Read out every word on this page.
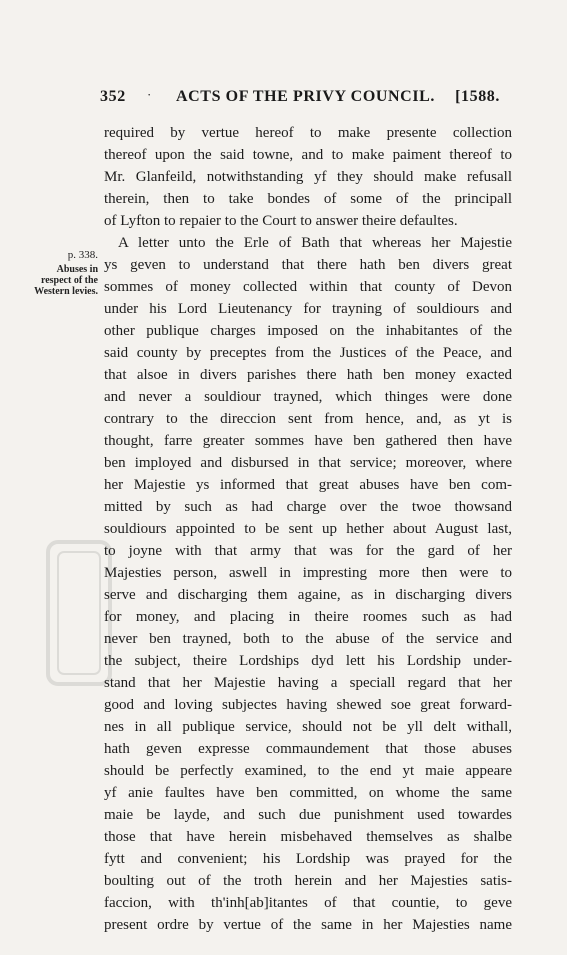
352 · ACTS OF THE PRIVY COUNCIL. [1588.
p. 338.
Abuses in
respect of the
Western levies.
required by vertue hereof to make presente collection
thereof upon the said towne, and to make paiment thereof to
Mr. Glanfeild, notwithstanding yf they should make refusall
therein, then to take bondes of some of the principall
of Lyfton to repaier to the Court to answer theire defaultes.
A letter unto the Erle of Bath that whereas her Majestie
ys geven to understand that there hath ben divers great
sommes of money collected within that county of Devon
under his Lord Lieutenancy for trayning of souldiours and
other publique charges imposed on the inhabitantes of the
said county by preceptes from the Justices of the Peace, and
that alsoe in divers parishes there hath ben money exacted
and never a souldiour trayned, which thinges were done
contrary to the direccion sent from hence, and, as yt is
thought, farre greater sommes have ben gathered then have
ben imployed and disbursed in that service; moreover, where
her Majestie ys informed that great abuses have ben com-
mitted by such as had charge over the twoe thowsand
souldiours appointed to be sent up hether about August last,
to joyne with that army that was for the gard of her
Majesties person, aswell in impresting more then were to
serve and discharging them againe, as in discharging divers
for money, and placing in theire roomes such as had
never ben trayned, both to the abuse of the service and
the subject, theire Lordships dyd lett his Lordship under-
stand that her Majestie having a speciall regard that her
good and loving subjectes having shewed soe great forward-
nes in all publique service, should not be yll delt withall,
hath geven expresse commaundement that those abuses
should be perfectly examined, to the end yt maie appeare
yf anie faultes have ben committed, on whome the same
maie be layde, and such due punishment used towardes
those that have herein misbehaved themselves as shalbe
fytt and convenient; his Lordship was prayed for the
boulting out of the troth herein and her Majesties satis-
faccion, with th'inh[ab]itantes of that countie, to geve
present ordre by vertue of the same in her Majesties name
